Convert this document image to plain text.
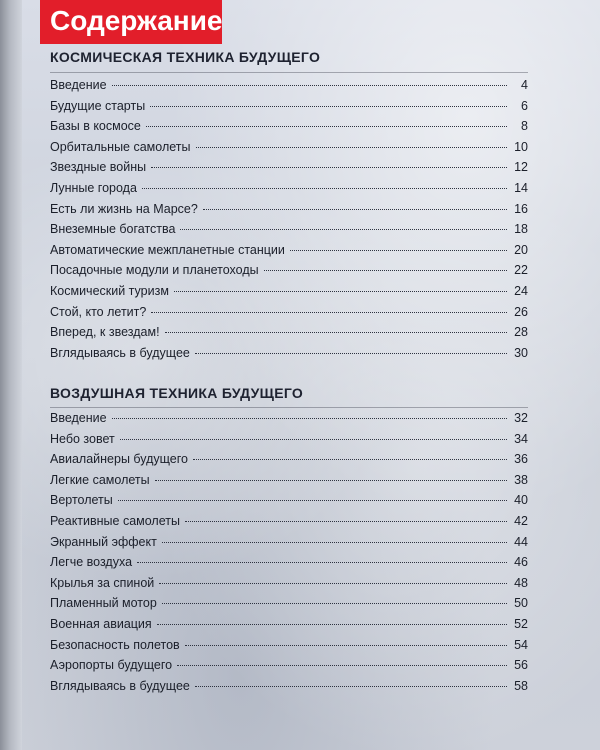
Содержание
КОСМИЧЕСКАЯ ТЕХНИКА БУДУЩЕГО
Введение	4
Будущие старты	6
Базы в космосе	8
Орбитальные самолеты	10
Звездные войны	12
Лунные города	14
Есть ли жизнь на Марсе?	16
Внеземные богатства	18
Автоматические межпланетные станции	20
Посадочные модули и планетоходы	22
Космический туризм	24
Стой, кто летит?	26
Вперед, к звездам!	28
Вглядываясь в будущее	30
ВОЗДУШНАЯ ТЕХНИКА БУДУЩЕГО
Введение	32
Небо зовет	34
Авиалайнеры будущего	36
Легкие самолеты	38
Вертолеты	40
Реактивные самолеты	42
Экранный эффект	44
Легче воздуха	46
Крылья за спиной	48
Пламенный мотор	50
Военная авиация	52
Безопасность полетов	54
Аэропорты будущего	56
Вглядываясь в будущее	58
